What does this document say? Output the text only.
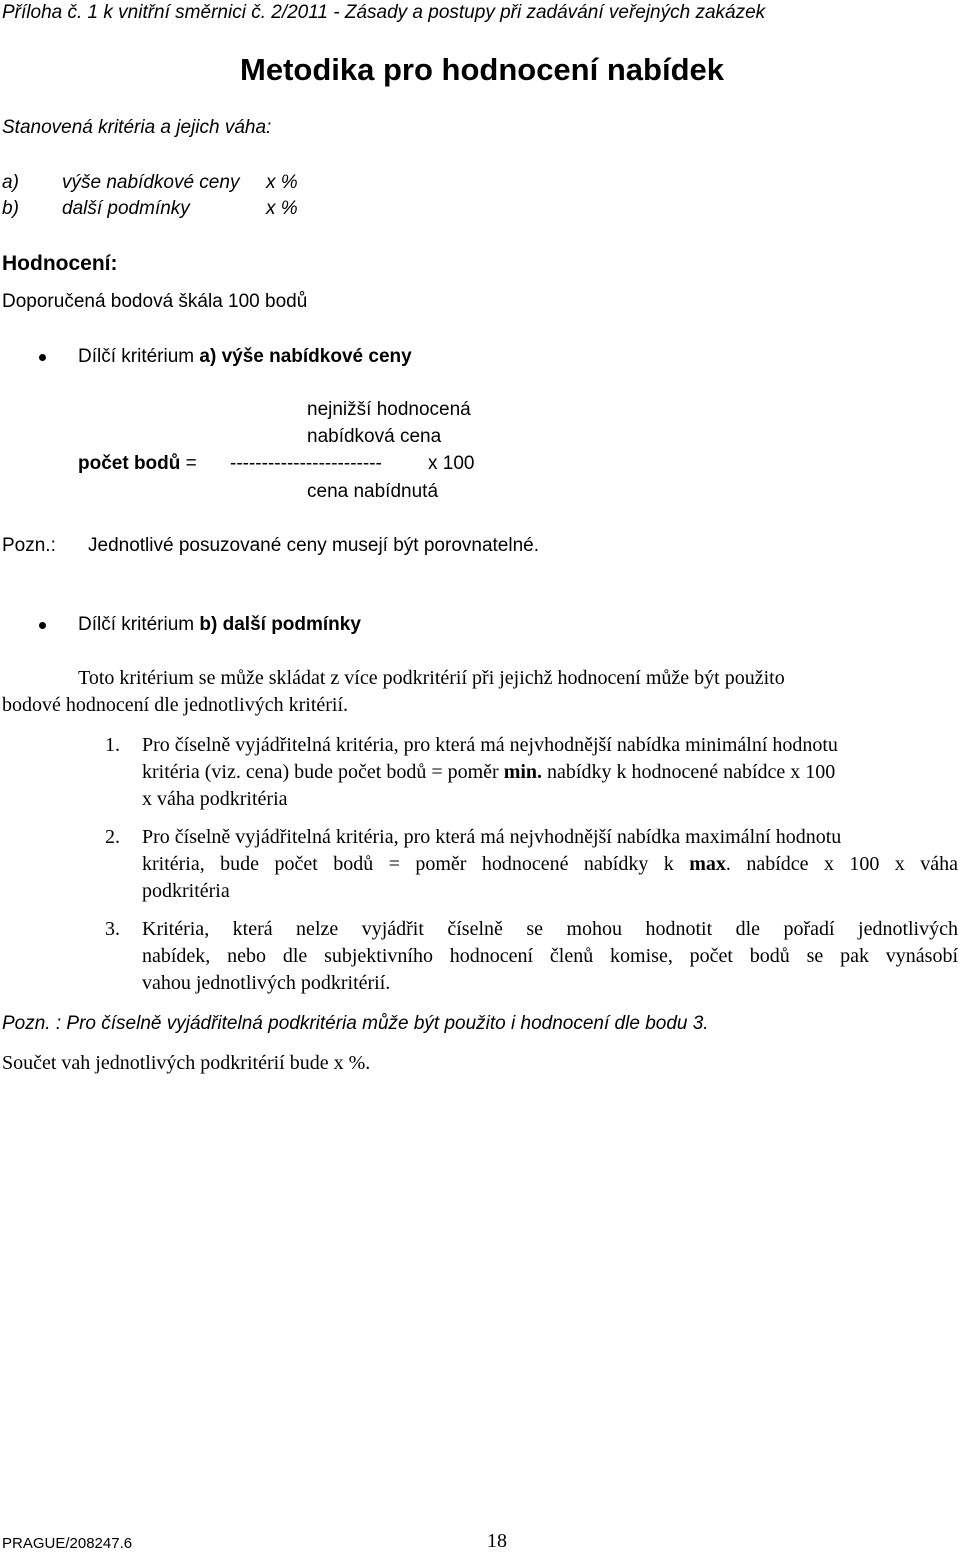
Příloha č. 1 k vnitřní směrnici č. 2/2011 - Zásady a postupy při zadávání veřejných zakázek
Metodika pro hodnocení nabídek
Stanovená kritéria a jejich váha:
a) výše nabídkové ceny x %
b) další podmínky	x %
Hodnocení:
Doporučená bodová škála 100 bodů
Dílčí kritérium a) výše nabídkové ceny
nejnižší hodnocená
nabídková cena
počet bodů = ------------------------ x 100
cena nabídnutá
Pozn.: Jednotlivé posuzované ceny musejí být porovnatelné.
Dílčí kritérium b) další podmínky
Toto kritérium se může skládat z více podkritérií při jejichž hodnocení může být použito
bodové hodnocení dle jednotlivých kritérií.
1. Pro číselně vyjádřitelná kritéria, pro která má nejvhodnější nabídka minimální hodnotu
kritéria (viz. cena) bude počet bodů = poměr min. nabídky k hodnocené nabídce x 100
x váha podkritéria
2. Pro číselně vyjádřitelná kritéria, pro která má nejvhodnější nabídka maximální hodnotu
kritéria, bude počet bodů = poměr hodnocené nabídky k max. nabídce x 100 x váha
podkritéria
3. Kritéria, která nelze vyjádřit číselně se mohou hodnotit dle pořadí jednotlivých
nabídek, nebo dle subjektivního hodnocení členů komise, počet bodů se pak vynásobí
vahou jednotlivých podkritérií.
Pozn. : Pro číselně vyjádřitelná podkritéria může být použito i hodnocení dle bodu 3.
Součet vah jednotlivých podkritérií bude x %.
PRAGUE/208247.6	18
